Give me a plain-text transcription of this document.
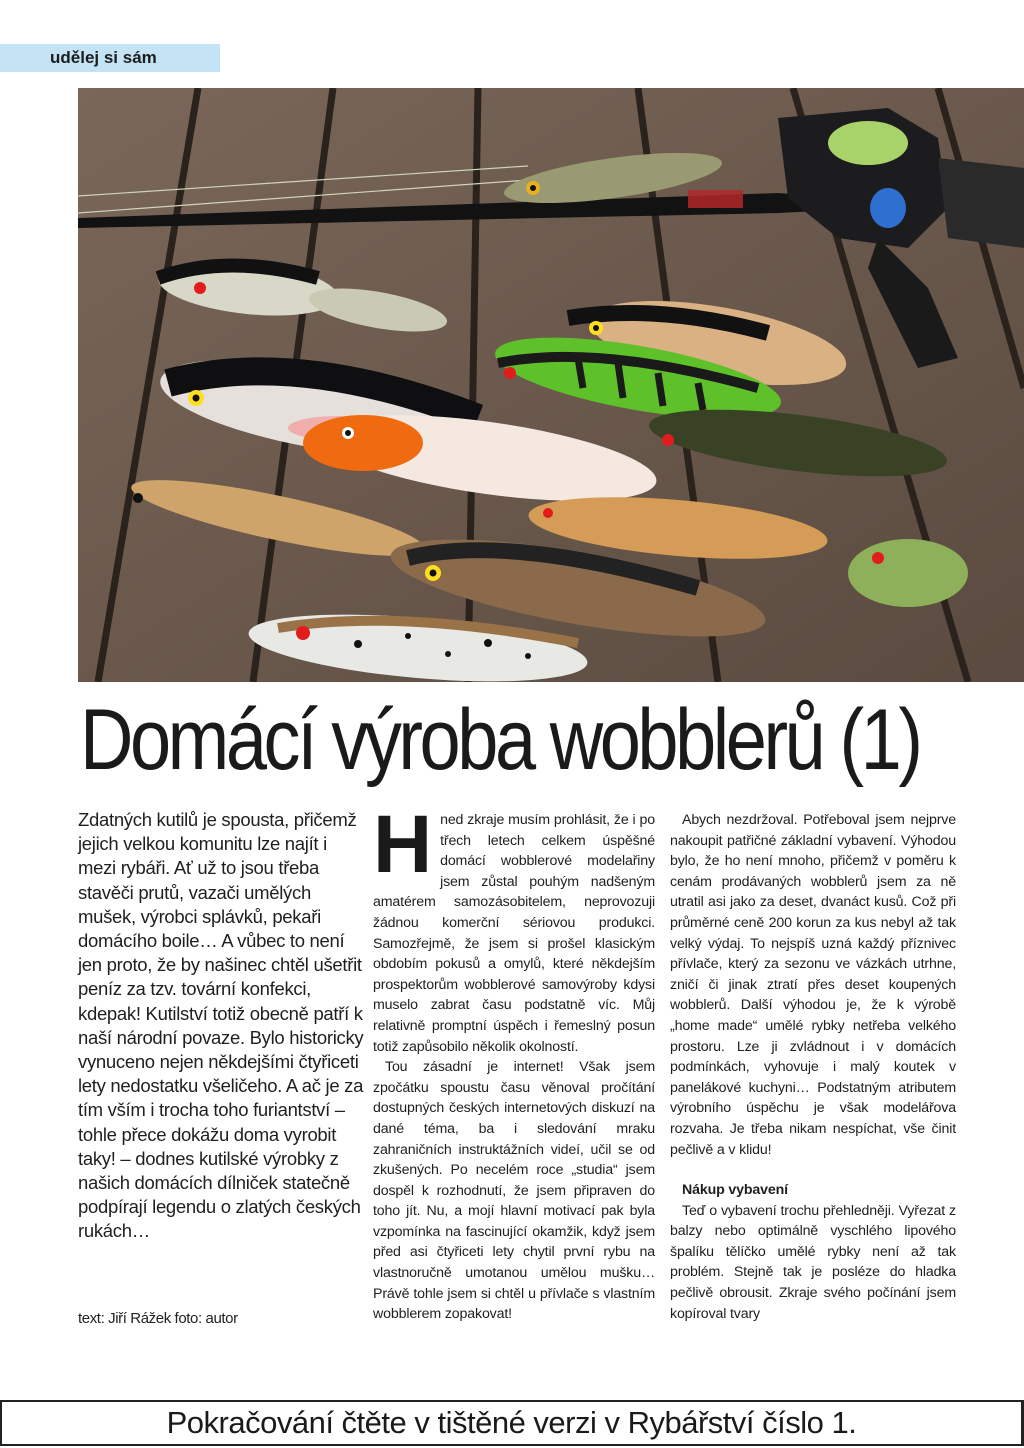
udělej si sám
Domácí výroba wobblerů (1)

Zdatných kutilů je spousta, přičemž jejich velkou komunitu lze najít i mezi rybáři. Ať už to jsou třeba stavěči prutů, vazači umělých mušek, výrobci splávků, pekaři domácího boile… A vůbec to není jen proto, že by našinec chtěl ušetřit peníz za tzv. tovární konfekci, kdepak! Kutilství totiž obecně patří k naší národní povaze. Bylo historicky vynuceno nejen někdejšími čtyřiceti lety nedostatku všeličeho. A ač je za tím vším i trocha toho furiantství – tohle přece dokážu doma vyrobit taky! – dodnes kutilské výrobky z našich domácích dílniček statečně podpírají legendu o zlatých českých rukách…

text: Jiří Rážek foto: autor
H ned zkraje musím prohlásit, že i po třech letech celkem úspěšné domácí wobblerové modelařiny jsem zůstal pouhým nadšeným amatérem samozásobitelem, neprovozuji žádnou komerční sériovou produkci. Samozřejmě, že jsem si prošel klasickým obdobím pokusů a omylů, které někdejším prospektorům wobblerové samovýroby kdysi muselo zabrat času podstatně víc. Můj relativně promptní úspěch i řemeslný posun totiž zapůsobilo několik okolností.

Tou zásadní je internet! Však jsem zpočátku spoustu času věnoval pročítání dostupných českých internetových diskuzí na dané téma, ba i sledování mraku zahraničních instruktážních videí, učil se od zkušených. Po necelém roce „studia“ jsem dospěl k rozhodnutí, že jsem připraven do toho jít. Nu, a mojí hlavní motivací pak byla vzpomínka na fascinující okamžik, když jsem před asi čtyřiceti lety chytil první rybu na vlastnoručně umotanou umělou mušku… Právě tohle jsem si chtěl u přívlače s vlastním wobblerem zopakovat!

Abych nezdržoval. Potřeboval jsem nejprve nakoupit patřičné základní vybavení. Výhodou bylo, že ho není mnoho, přičemž v poměru k cenám prodávaných wobblerů jsem za ně utratil asi jako za deset, dvanáct kusů. Což při průměrné ceně 200 korun za kus nebyl až tak velký výdaj. To nejspíš uzná každý příznivec přívlače, který za sezonu ve vázkách utrhne, zničí či jinak ztratí přes deset koupených wobblerů. Další výhodou je, že k výrobě „home made“ umělé rybky netřeba velkého prostoru. Lze ji zvládnout i v domácích podmínkách, vyhovuje i malý koutek v panelákové kuchyni… Podstatným atributem výrobního úspěchu je však modelářova rozvaha. Je třeba nikam nespíchat, vše činit pečlivě a v klidu!

Nákup vybavení

Teď o vybavení trochu přehledněji. Vyřezat z balzy nebo optimálně vyschlého lipového špalíku tělíčko umělé rybky není až tak problém. Stejně tak je posléze do hladka pečlivě obrousit. Zkraje svého počínání jsem kopíroval tvary

Pokračování čtěte v tištěné verzi v Rybářství číslo 1.
